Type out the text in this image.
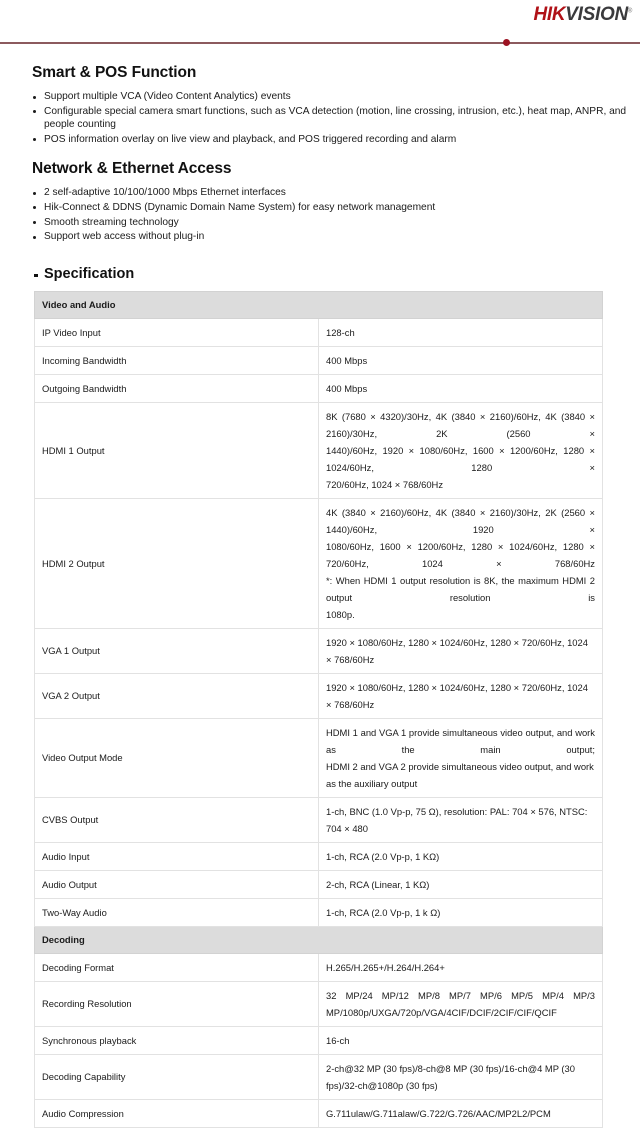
HIKVISION®
Smart & POS Function
Support multiple VCA (Video Content Analytics) events
Configurable special camera smart functions, such as VCA detection (motion, line crossing, intrusion, etc.), heat map, ANPR, and people counting
POS information overlay on live view and playback, and POS triggered recording and alarm
Network & Ethernet Access
2 self-adaptive 10/100/1000 Mbps Ethernet interfaces
Hik-Connect & DDNS (Dynamic Domain Name System) for easy network management
Smooth streaming technology
Support web access without plug-in
Specification
Video and Audio	
IP Video Input	128-ch

Incoming Bandwidth	400 Mbps

Outgoing Bandwidth	400 Mbps

HDMI 1 Output	8K (7680 × 4320)/30Hz, 4K (3840 × 2160)/60Hz, 4K (3840 × 2160)/30Hz, 2K (2560 ×
1440)/60Hz, 1920 × 1080/60Hz, 1600 × 1200/60Hz, 1280 × 1024/60Hz, 1280 ×
720/60Hz, 1024 × 768/60Hz

HDMI 2 Output	4K (3840 × 2160)/60Hz, 4K (3840 × 2160)/30Hz, 2K (2560 × 1440)/60Hz, 1920 ×
1080/60Hz, 1600 × 1200/60Hz, 1280 × 1024/60Hz, 1280 × 720/60Hz, 1024 × 768/60Hz
*: When HDMI 1 output resolution is 8K, the maximum HDMI 2 output resolution is
1080p.

VGA 1 Output	1920 × 1080/60Hz, 1280 × 1024/60Hz, 1280 × 720/60Hz, 1024 × 768/60Hz

VGA 2 Output	1920 × 1080/60Hz, 1280 × 1024/60Hz, 1280 × 720/60Hz, 1024 × 768/60Hz

Video Output Mode	HDMI 1 and VGA 1 provide simultaneous video output, and work as the main output;
HDMI 2 and VGA 2 provide simultaneous video output, and work as the auxiliary output

CVBS Output	1-ch, BNC (1.0 Vp-p, 75 Ω), resolution: PAL: 704 × 576, NTSC: 704 × 480

Audio Input	1-ch, RCA (2.0 Vp-p, 1 KΩ)

Audio Output	2-ch, RCA (Linear, 1 KΩ)

Two-Way Audio	1-ch, RCA (2.0 Vp-p, 1 k Ω)

Decoding	
Decoding Format	H.265/H.265+/H.264/H.264+

Recording Resolution	32 MP/24 MP/12 MP/8 MP/7 MP/6 MP/5 MP/4 MP/3
MP/1080p/UXGA/720p/VGA/4CIF/DCIF/2CIF/CIF/QCIF

Synchronous playback	16-ch

Decoding Capability	2-ch@32 MP (30 fps)/8-ch@8 MP (30 fps)/16-ch@4 MP (30 fps)/32-ch@1080p (30 fps)

Audio Compression	G.711ulaw/G.711alaw/G.722/G.726/AAC/MP2L2/PCM
